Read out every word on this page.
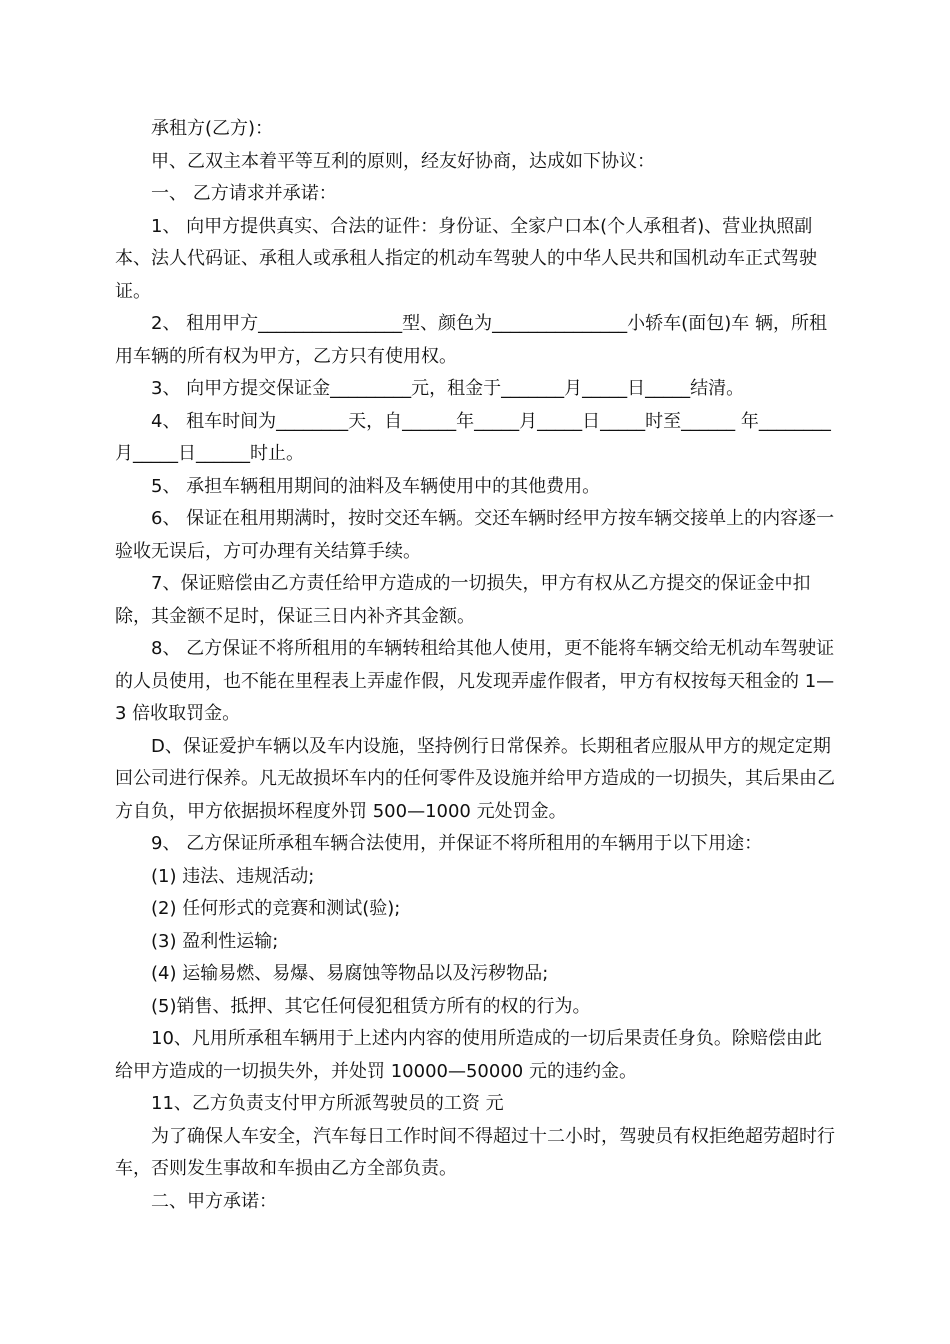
承租方(乙方)：

甲、乙双主本着平等互利的原则，经友好协商，达成如下协议：

一、 乙方请求并承诺：

1、 向甲方提供真实、合法的证件：身份证、全家户口本(个人承租者)、营业执照副本、法人代码证、承租人或承租人指定的机动车驾驶人的中华人民共和国机动车正式驾驶证。

2、 租用甲方________________型、颜色为_______________小轿车(面包)车 辆，所租用车辆的所有权为甲方，乙方只有使用权。

3、 向甲方提交保证金_________元，租金于_______月_____日_____结清。

4、 租车时间为________天，自______年_____月_____日_____时至______ 年________月_____日______时止。

5、 承担车辆租用期间的油料及车辆使用中的其他费用。

6、 保证在租用期满时，按时交还车辆。交还车辆时经甲方按车辆交接单上的内容逐一验收无误后，方可办理有关结算手续。

7、保证赔偿由乙方责任给甲方造成的一切损失，甲方有权从乙方提交的保证金中扣除，其金额不足时，保证三日内补齐其金额。

8、 乙方保证不将所租用的车辆转租给其他人使用，更不能将车辆交给无机动车驾驶证的人员使用，也不能在里程表上弄虚作假，凡发现弄虚作假者，甲方有权按每天租金的 1—3 倍收取罚金。

D、保证爱护车辆以及车内设施，坚持例行日常保养。长期租者应服从甲方的规定定期回公司进行保养。凡无故损坏车内的任何零件及设施并给甲方造成的一切损失，其后果由乙方自负，甲方依据损坏程度外罚 500—1000 元处罚金。

9、 乙方保证所承租车辆合法使用，并保证不将所租用的车辆用于以下用途：

(1) 违法、违规活动;

(2) 任何形式的竞赛和测试(验);

(3) 盈利性运输;

(4) 运输易燃、易爆、易腐蚀等物品以及污秽物品;

(5)销售、抵押、其它任何侵犯租赁方所有的权的行为。

10、凡用所承租车辆用于上述内内容的使用所造成的一切后果责任身负。除赔偿由此给甲方造成的一切损失外，并处罚 10000—50000 元的违约金。

11、乙方负责支付甲方所派驾驶员的工资 元

为了确保人车安全，汽车每日工作时间不得超过十二小时，驾驶员有权拒绝超劳超时行车，否则发生事故和车损由乙方全部负责。

二、甲方承诺：
